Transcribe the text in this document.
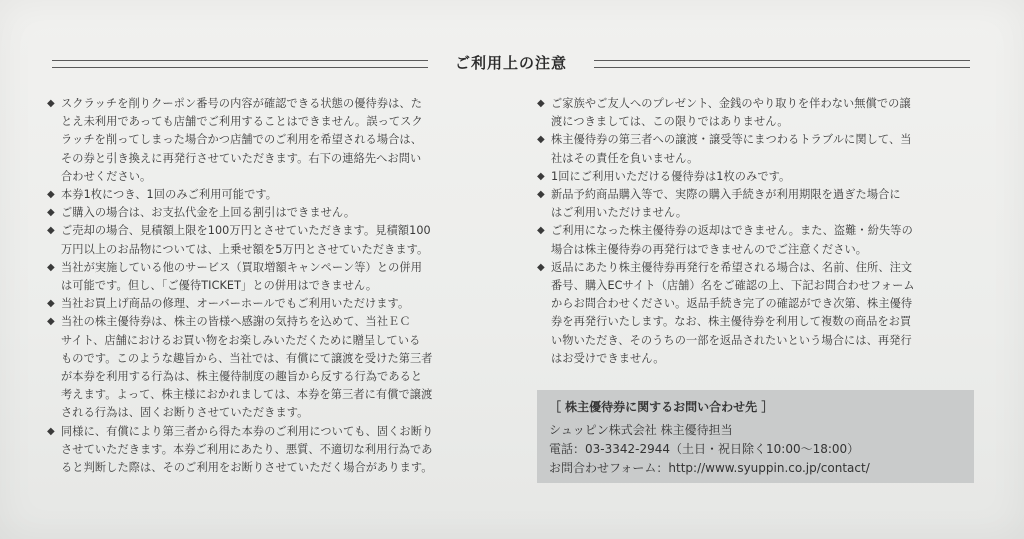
ご利用上の注意
◆ スクラッチを削りクーポン番号の内容が確認できる状態の優待券は、た
とえ未利用であっても店舗でご利用することはできません。誤ってスク
ラッチを削ってしまった場合かつ店舗でのご利用を希望される場合は、
その券と引き換えに再発行させていただきます。右下の連絡先へお問い
合わせください。
◆ 本券1枚につき、1回のみご利用可能です。
◆ ご購入の場合は、お支払代金を上回る割引はできません。
◆ ご売却の場合、見積額上限を100万円とさせていただきます。見積額100
万円以上のお品物については、上乗せ額を5万円とさせていただきます。
◆ 当社が実施している他のサービス（買取増額キャンペーン等）との併用
は可能です。但し、「ご優待TICKET」との併用はできません。
◆ 当社お買上げ商品の修理、オーバーホールでもご利用いただけます。
◆ 当社の株主優待券は、株主の皆様へ感謝の気持ちを込めて、当社ＥＣ
サイト、店舗におけるお買い物をお楽しみいただくために贈呈している
ものです。このような趣旨から、当社では、有償にて譲渡を受けた第三者
が本券を利用する行為は、株主優待制度の趣旨から反する行為であると
考えます。よって、株主様におかれましては、本券を第三者に有償で譲渡
される行為は、固くお断りさせていただきます。
◆ 同様に、有償により第三者から得た本券のご利用についても、固くお断り
させていただきます。本券ご利用にあたり、悪質、不適切な利用行為であ
ると判断した際は、そのご利用をお断りさせていただく場合があります。
◆ ご家族やご友人へのプレゼント、金銭のやり取りを伴わない無償での譲
渡につきましては、この限りではありません。
◆ 株主優待券の第三者への譲渡・譲受等にまつわるトラブルに関して、当
社はその責任を負いません。
◆ 1回にご利用いただける優待券は1枚のみです。
◆ 新品予約商品購入等で、実際の購入手続きが利用期限を過ぎた場合に
はご利用いただけません。
◆ ご利用になった株主優待券の返却はできません。また、盗難・紛失等の
場合は株主優待券の再発行はできませんのでご注意ください。
◆ 返品にあたり株主優待券再発行を希望される場合は、名前、住所、注文
番号、購入ECサイト（店舗）名をご確認の上、下記お問合わせフォーム
からお問合わせください。返品手続き完了の確認ができ次第、株主優待
券を再発行いたします。なお、株主優待券を利用して複数の商品をお買
い物いただき、そのうちの一部を返品されたいという場合には、再発行
はお受けできません。
［ 株主優待券に関するお問い合わせ先 ］
シュッピン株式会社 株主優待担当
電話：03-3342-2944（土日・祝日除く10:00〜18:00）
お問合わせフォーム：http://www.syuppin.co.jp/contact/
